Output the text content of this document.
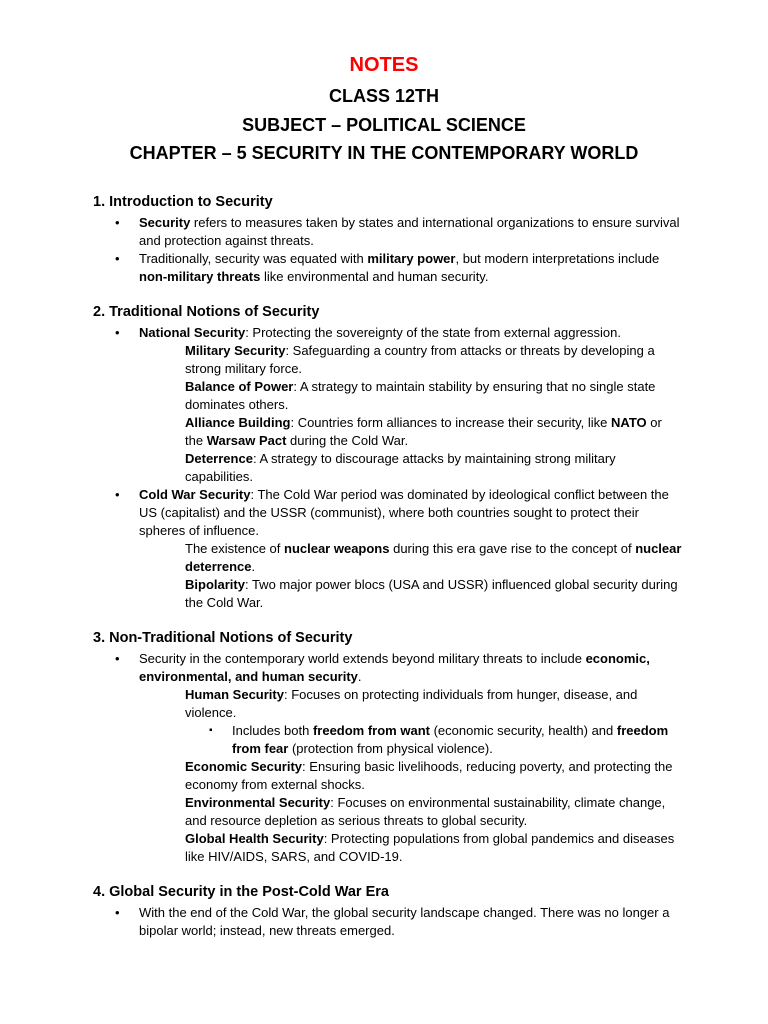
NOTES

CLASS 12TH

SUBJECT – POLITICAL SCIENCE

CHAPTER – 5 SECURITY IN THE CONTEMPORARY WORLD

1. Introduction to Security
• Security refers to measures taken by states and international organizations to ensure survival and protection against threats.
• Traditionally, security was equated with military power, but modern interpretations include non-military threats like environmental and human security.
2. Traditional Notions of Security
• National Security: Protecting the sovereignty of the state from external aggression.
Military Security: Safeguarding a country from attacks or threats by developing a strong military force.
Balance of Power: A strategy to maintain stability by ensuring that no single state dominates others.
Alliance Building: Countries form alliances to increase their security, like NATO or the Warsaw Pact during the Cold War.
Deterrence: A strategy to discourage attacks by maintaining strong military capabilities.
• Cold War Security: The Cold War period was dominated by ideological conflict between the US (capitalist) and the USSR (communist), where both countries sought to protect their spheres of influence.
The existence of nuclear weapons during this era gave rise to the concept of nuclear deterrence.
Bipolarity: Two major power blocs (USA and USSR) influenced global security during the Cold War.
3. Non-Traditional Notions of Security
• Security in the contemporary world extends beyond military threats to include economic, environmental, and human security.
Human Security: Focuses on protecting individuals from hunger, disease, and violence.
▪ Includes both freedom from want (economic security, health) and freedom from fear (protection from physical violence).
Economic Security: Ensuring basic livelihoods, reducing poverty, and protecting the economy from external shocks.
Environmental Security: Focuses on environmental sustainability, climate change, and resource depletion as serious threats to global security.
Global Health Security: Protecting populations from global pandemics and diseases like HIV/AIDS, SARS, and COVID-19.
4. Global Security in the Post-Cold War Era
• With the end of the Cold War, the global security landscape changed. There was no longer a bipolar world; instead, new threats emerged.
